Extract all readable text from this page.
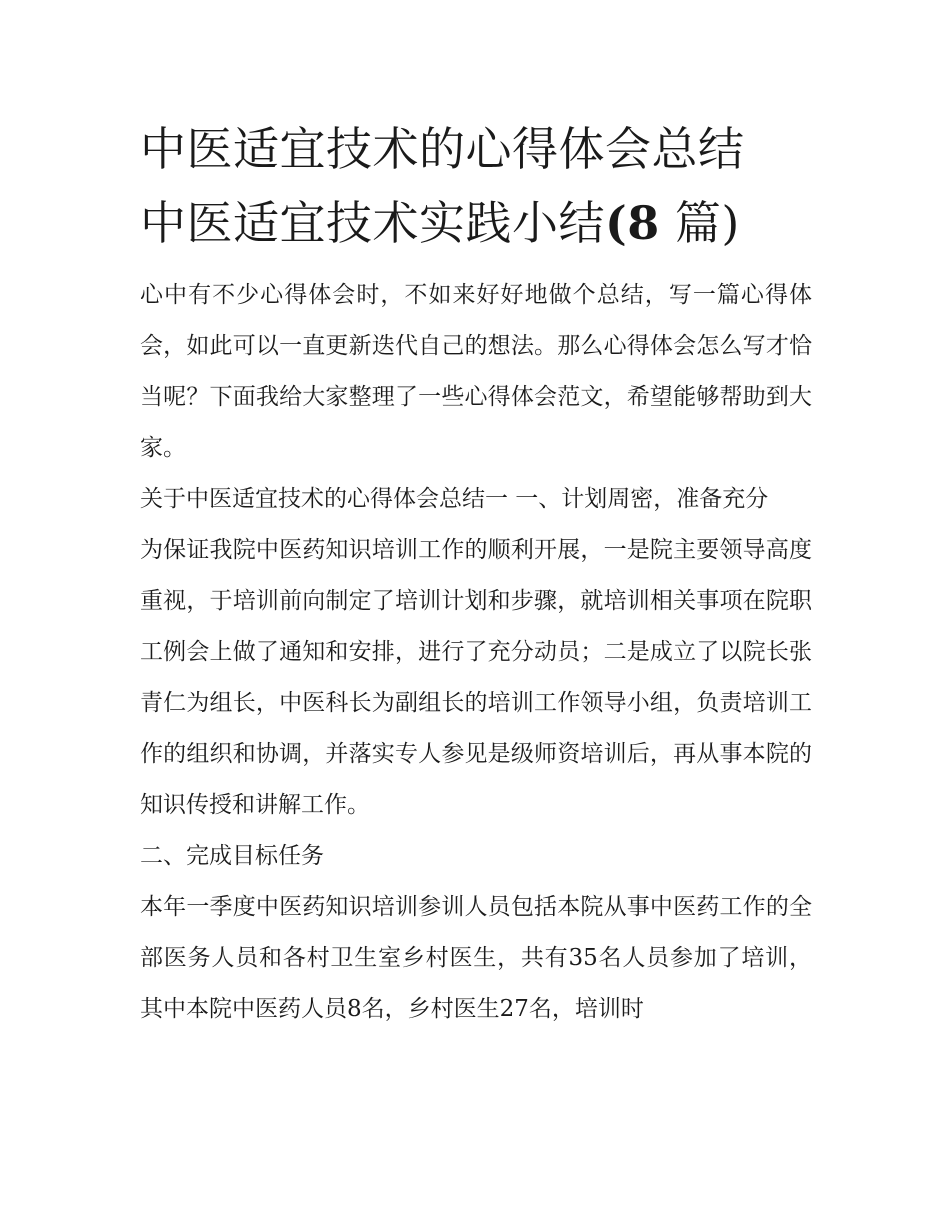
中医适宜技术的心得体会总结
中医适宜技术实践小结(8 篇)

心中有不少心得体会时，不如来好好地做个总结，写一篇心得体会，如此可以一直更新迭代自己的想法。那么心得体会怎么写才恰当呢？下面我给大家整理了一些心得体会范文，希望能够帮助到大家。

关于中医适宜技术的心得体会总结一 一、计划周密，准备充分

为保证我院中医药知识培训工作的顺利开展，一是院主要领导高度重视，于培训前向制定了培训计划和步骤，就培训相关事项在院职工例会上做了通知和安排，进行了充分动员；二是成立了以院长张青仁为组长，中医科长为副组长的培训工作领导小组，负责培训工作的组织和协调，并落实专人参见是级师资培训后，再从事本院的知识传授和讲解工作。

二、完成目标任务

本年一季度中医药知识培训参训人员包括本院从事中医药工作的全部医务人员和各村卫生室乡村医生，共有35名人员参加了培训，其中本院中医药人员8名，乡村医生27名，培训时
